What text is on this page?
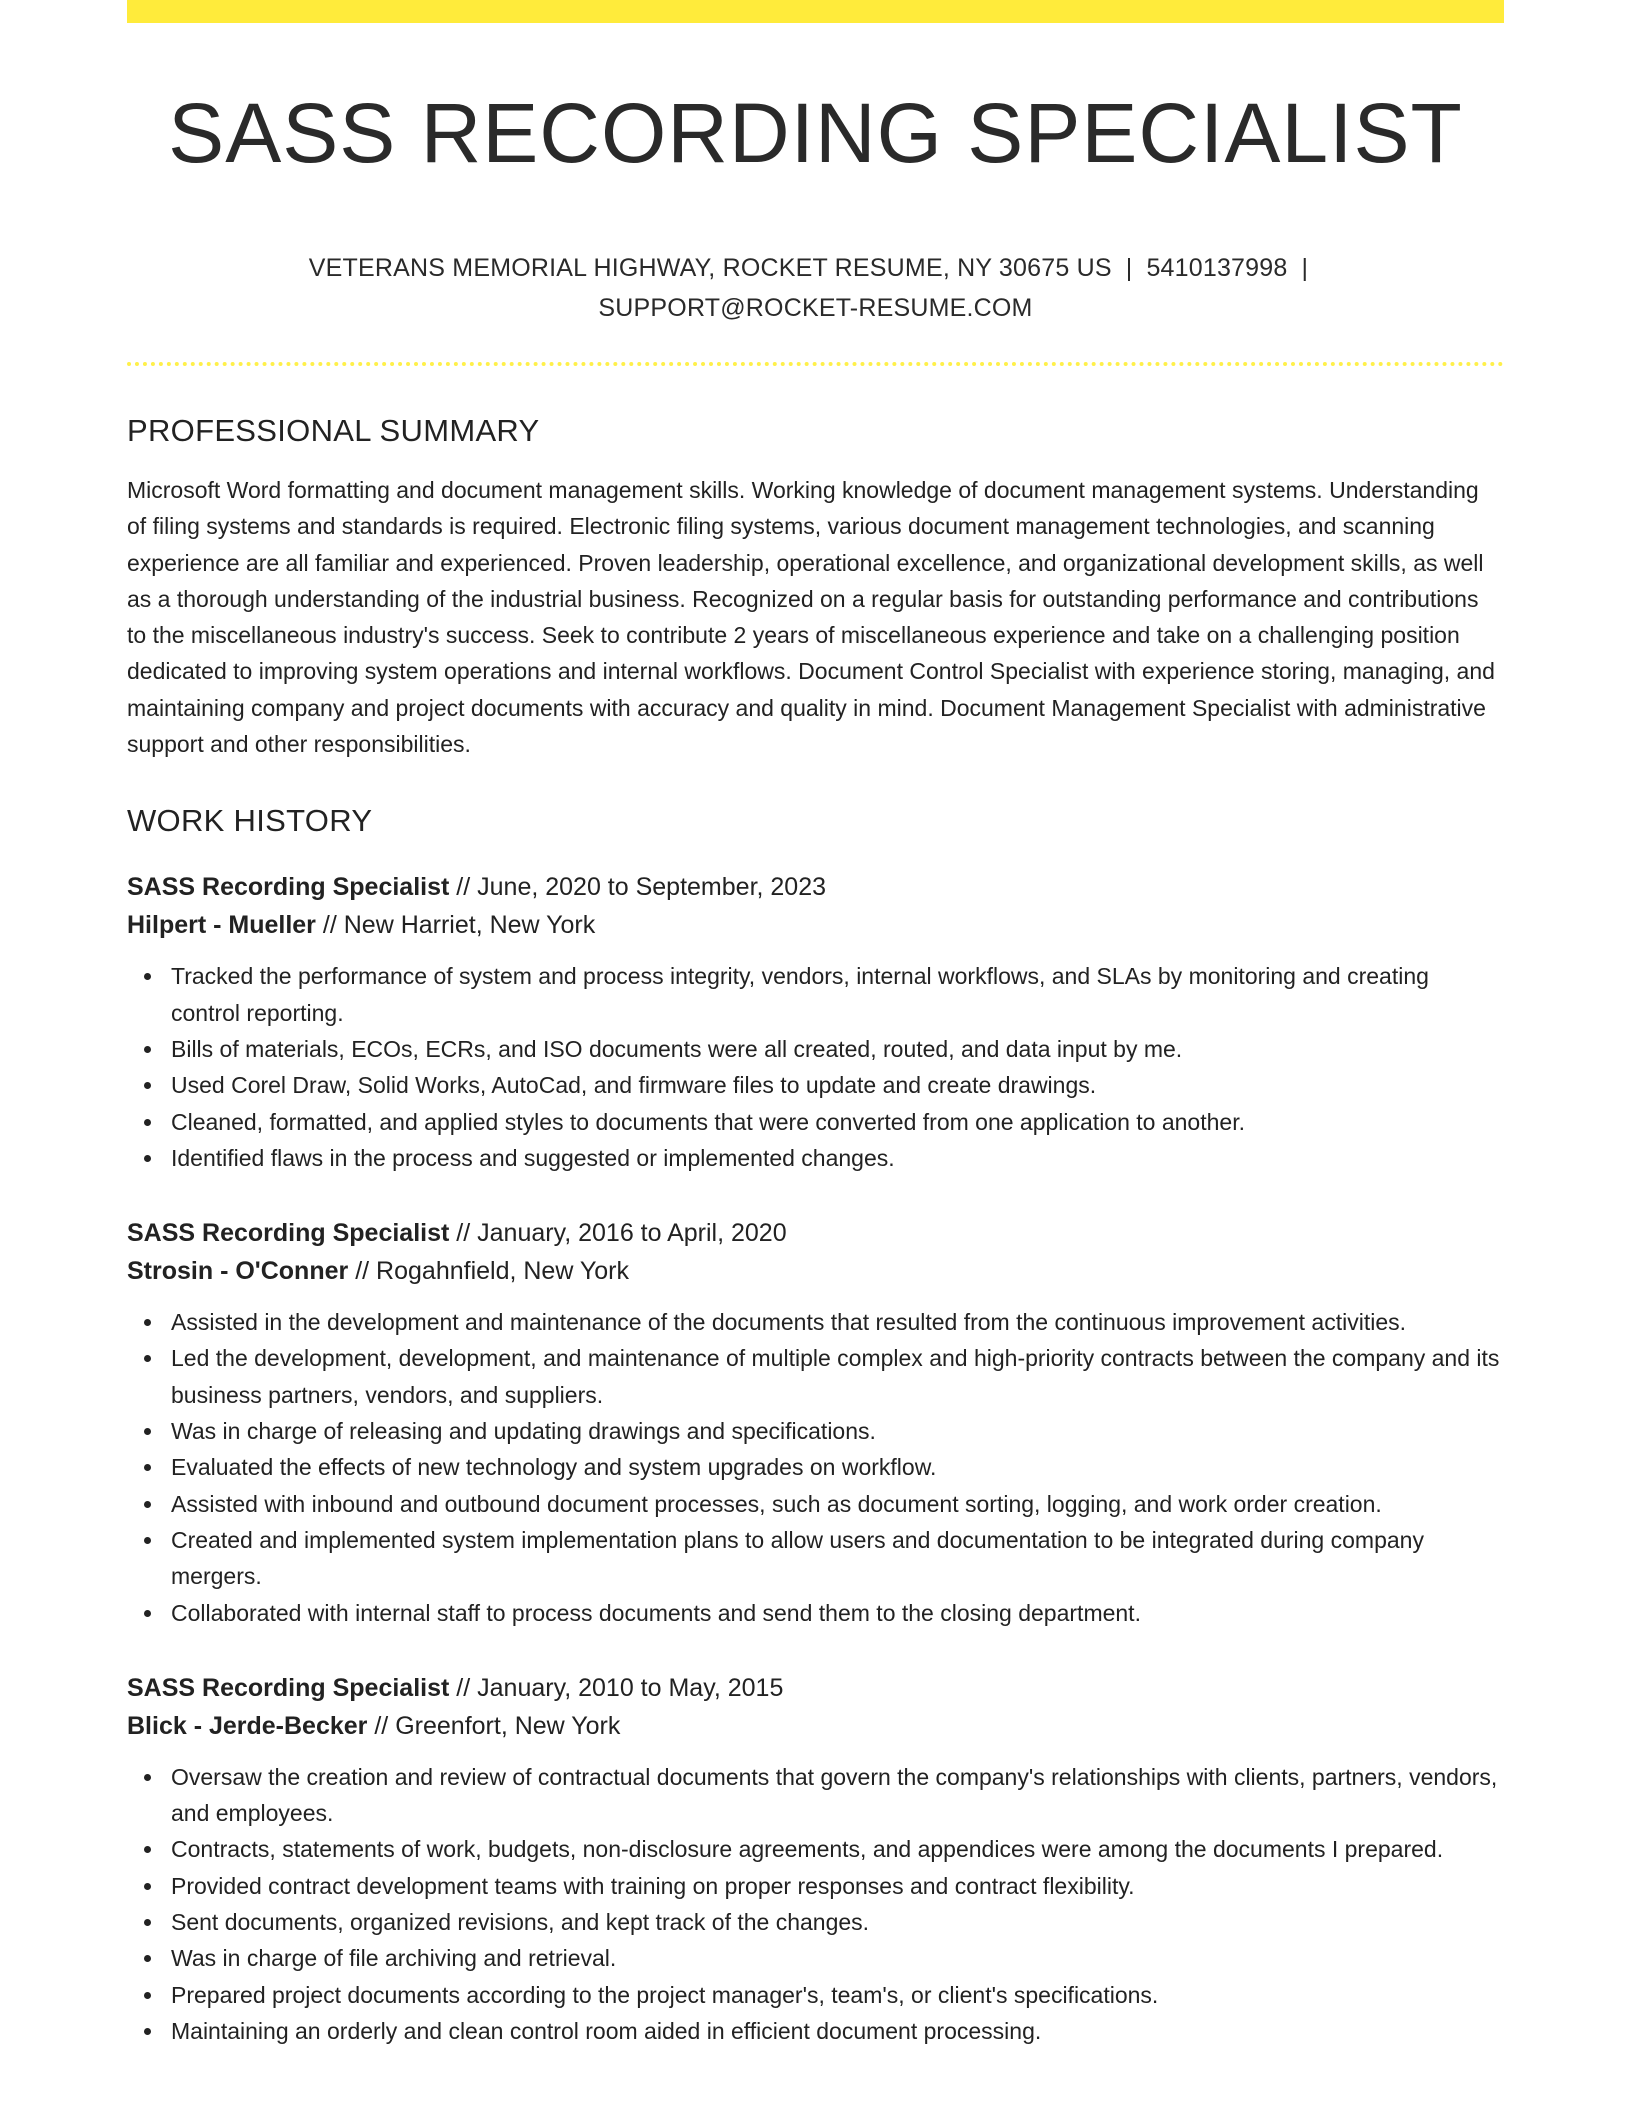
SASS RECORDING SPECIALIST
VETERANS MEMORIAL HIGHWAY, ROCKET RESUME, NY 30675 US | 5410137998 |
SUPPORT@ROCKET-RESUME.COM
PROFESSIONAL SUMMARY

Microsoft Word formatting and document management skills. Working knowledge of document management systems. Understanding of filing systems and standards is required. Electronic filing systems, various document management technologies, and scanning experience are all familiar and experienced. Proven leadership, operational excellence, and organizational development skills, as well as a thorough understanding of the industrial business. Recognized on a regular basis for outstanding performance and contributions to the miscellaneous industry's success. Seek to contribute 2 years of miscellaneous experience and take on a challenging position dedicated to improving system operations and internal workflows. Document Control Specialist with experience storing, managing, and maintaining company and project documents with accuracy and quality in mind. Document Management Specialist with administrative support and other responsibilities.

WORK HISTORY
SASS Recording Specialist // June, 2020 to September, 2023
Hilpert - Mueller // New Harriet, New York
Tracked the performance of system and process integrity, vendors, internal workflows, and SLAs by monitoring and creating control reporting.
Bills of materials, ECOs, ECRs, and ISO documents were all created, routed, and data input by me.
Used Corel Draw, Solid Works, AutoCad, and firmware files to update and create drawings.
Cleaned, formatted, and applied styles to documents that were converted from one application to another.
Identified flaws in the process and suggested or implemented changes.
SASS Recording Specialist // January, 2016 to April, 2020
Strosin - O'Conner // Rogahnfield, New York
Assisted in the development and maintenance of the documents that resulted from the continuous improvement activities.
Led the development, development, and maintenance of multiple complex and high-priority contracts between the company and its business partners, vendors, and suppliers.
Was in charge of releasing and updating drawings and specifications.
Evaluated the effects of new technology and system upgrades on workflow.
Assisted with inbound and outbound document processes, such as document sorting, logging, and work order creation.
Created and implemented system implementation plans to allow users and documentation to be integrated during company mergers.
Collaborated with internal staff to process documents and send them to the closing department.
SASS Recording Specialist // January, 2010 to May, 2015
Blick - Jerde-Becker // Greenfort, New York
Oversaw the creation and review of contractual documents that govern the company's relationships with clients, partners, vendors, and employees.
Contracts, statements of work, budgets, non-disclosure agreements, and appendices were among the documents I prepared.
Provided contract development teams with training on proper responses and contract flexibility.
Sent documents, organized revisions, and kept track of the changes.
Was in charge of file archiving and retrieval.
Prepared project documents according to the project manager's, team's, or client's specifications.
Maintaining an orderly and clean control room aided in efficient document processing.
